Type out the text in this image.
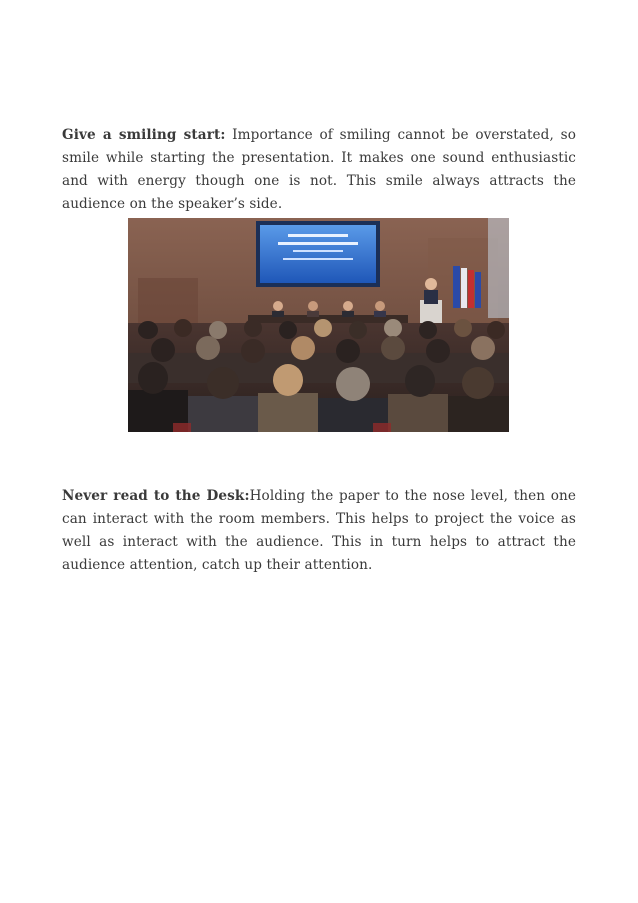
Give a smiling start: Importance of smiling cannot be overstated, so smile while starting the presentation. It makes one sound enthusiastic and with energy though one is not. This smile always attracts the audience on the speaker’s side.

Never read to the Desk:Holding the paper to the nose level, then one can interact with the room members. This helps to project the voice as well as interact with the audience. This in turn helps to attract the audience attention, catch up their attention.
